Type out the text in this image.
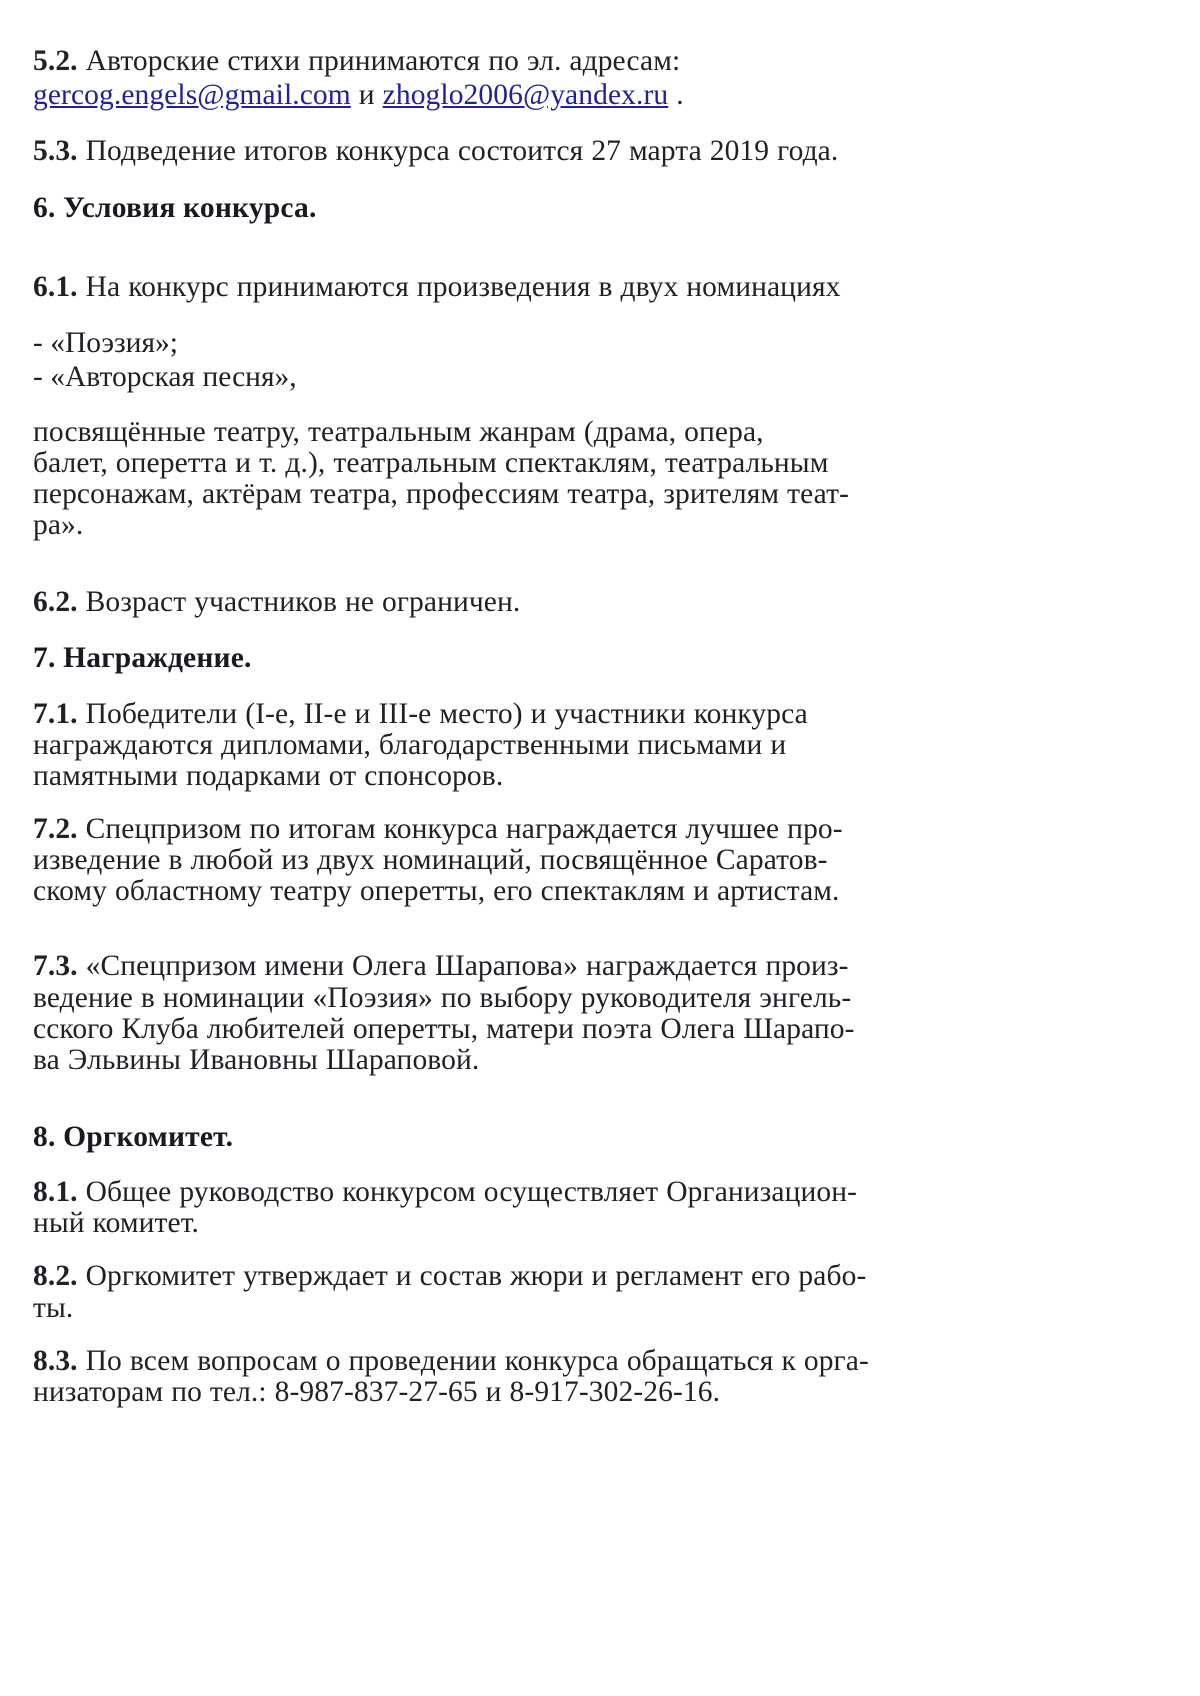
5.2. Авторские стихи принимаются по эл. адресам:
gercog.engels@gmail.com и zhoglo2006@yandex.ru .

5.3. Подведение итогов конкурса состоится 27 марта 2019 года.

6. Условия конкурса.

6.1. На конкурс принимаются произведения в двух номинациях

- «Поэзия»;

- «Авторская песня»,

посвящённые театру, театральным жанрам (драма, опера,
балет, оперетта и т. д.), театральным спектаклям, театральным
персонажам, актёрам театра, профессиям театра, зрителям теат-
ра».

6.2. Возраст участников не ограничен.

7. Награждение.

7.1. Победители (I-е, II-е и III-е место) и участники конкурса
награждаются дипломами, благодарственными письмами и
памятными подарками от спонсоров.

7.2. Спецпризом по итогам конкурса награждается лучшее про-
изведение в любой из двух номинаций, посвящённое Саратов-
скому областному театру оперетты, его спектаклям и артистам.

7.3. «Спецпризом имени Олега Шарапова» награждается произ-
ведение в номинации «Поэзия» по выбору руководителя энгель-
сского Клуба любителей оперетты, матери поэта Олега Шарапо-
ва Эльвины Ивановны Шараповой.

8. Оргкомитет.

8.1. Общее руководство конкурсом осуществляет Организацион-
ный комитет.

8.2. Оргкомитет утверждает и состав жюри и регламент его рабо-
ты.

8.3. По всем вопросам о проведении конкурса обращаться к орга-
низаторам по тел.: 8-987-837-27-65 и 8-917-302-26-16.
